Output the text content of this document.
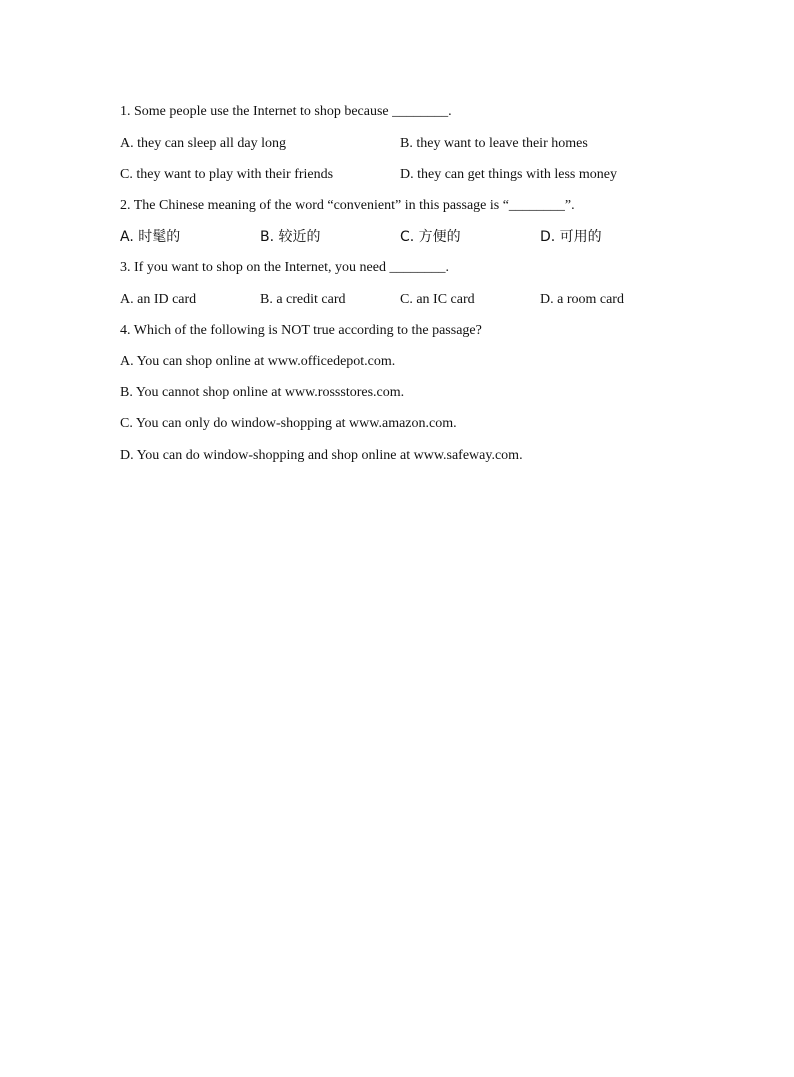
1. Some people use the Internet to shop because ________.
A. they can sleep all day long	B. they want to leave their homes
C. they want to play with their friends	D. they can get things with less money
2. The Chinese meaning of the word “convenient” in this passage is “________”.
A. 时髦的	B. 较近的	C. 方便的	D. 可用的
3. If you want to shop on the Internet, you need ________.
A. an ID card	B. a credit card	C. an IC card	D. a room card
4. Which of the following is NOT true according to the passage?
A. You can shop online at www.officedepot.com.
B. You cannot shop online at www.rossstores.com.
C. You can only do window-shopping at www.amazon.com.
D. You can do window-shopping and shop online at www.safeway.com.
